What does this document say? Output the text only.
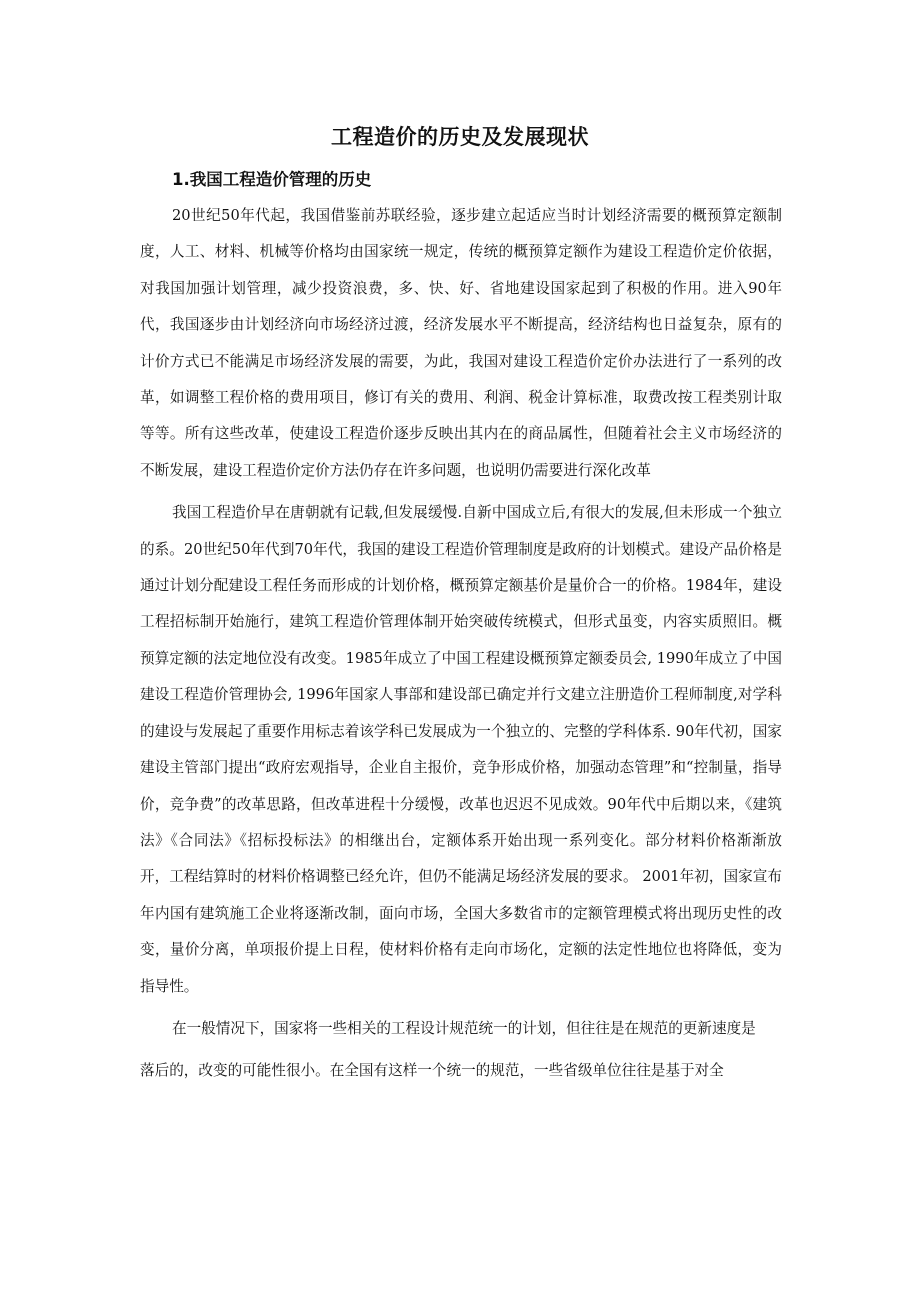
工程造价的历史及发展现状
1.我国工程造价管理的历史

20世纪50年代起，我国借鉴前苏联经验，逐步建立起适应当时计划经济需要的概预算定额制度，人工、材料、机械等价格均由国家统一规定，传统的概预算定额作为建设工程造价定价依据，对我国加强计划管理，减少投资浪费，多、快、好、省地建设国家起到了积极的作用。进入90年代，我国逐步由计划经济向市场经济过渡，经济发展水平不断提高，经济结构也日益复杂，原有的计价方式已不能满足市场经济发展的需要，为此，我国对建设工程造价定价办法进行了一系列的改革，如调整工程价格的费用项目，修订有关的费用、利润、税金计算标准，取费改按工程类别计取等等。所有这些改革，使建设工程造价逐步反映出其内在的商品属性，但随着社会主义市场经济的不断发展，建设工程造价定价方法仍存在许多问题，也说明仍需要进行深化改革

我国工程造价早在唐朝就有记载,但发展缓慢.自新中国成立后,有很大的发展,但未形成一个独立的系。20世纪50年代到70年代，我国的建设工程造价管理制度是政府的计划模式。建设产品价格是通过计划分配建设工程任务而形成的计划价格，概预算定额基价是量价合一的价格。1984年，建设工程招标制开始施行，建筑工程造价管理体制开始突破传统模式，但形式虽变，内容实质照旧。概预算定额的法定地位没有改变。1985年成立了中国工程建设概预算定额委员会, 1990年成立了中国建设工程造价管理协会, 1996年国家人事部和建设部已确定并行文建立注册造价工程师制度,对学科的建设与发展起了重要作用标志着该学科已发展成为一个独立的、完整的学科体系. 90年代初，国家建设主管部门提出“政府宏观指导，企业自主报价，竞争形成价格，加强动态管理”和“控制量，指导价，竞争费”的改革思路，但改革进程十分缓慢，改革也迟迟不见成效。90年代中后期以来，《建筑法》《合同法》《招标投标法》的相继出台，定额体系开始出现一系列变化。部分材料价格渐渐放开，工程结算时的材料价格调整已经允许，但仍不能满足场经济发展的要求。 2001年初，国家宣布年内国有建筑施工企业将逐渐改制，面向市场，全国大多数省市的定额管理模式将出现历史性的改变，量价分离，单项报价提上日程，使材料价格有走向市场化，定额的法定性地位也将降低，变为指导性。

在一般情况下，国家将一些相关的工程设计规范统一的计划，但往往是在规范的更新速度是

落后的，改变的可能性很小。在全国有这样一个统一的规范，一些省级单位往往是基于对全
